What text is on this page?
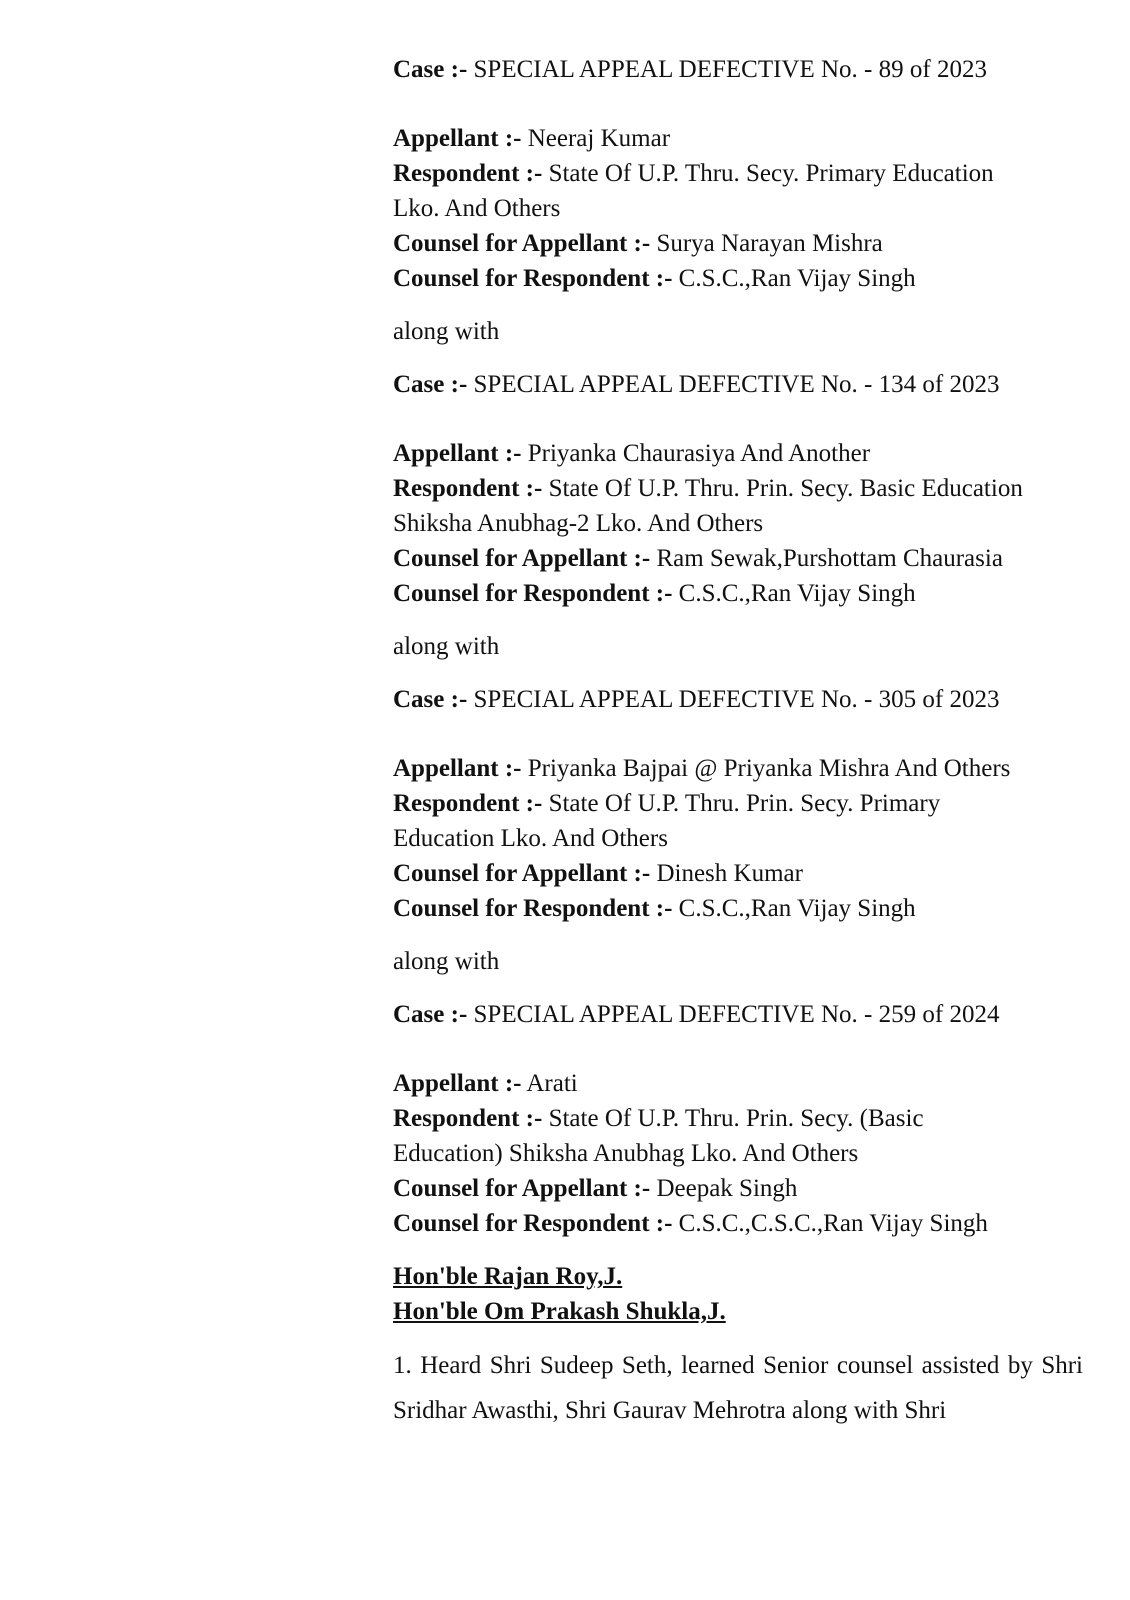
Case :- SPECIAL APPEAL DEFECTIVE No. - 89 of 2023
Appellant :- Neeraj Kumar
Respondent :- State Of U.P. Thru. Secy. Primary Education
Lko. And Others
Counsel for Appellant :- Surya Narayan Mishra
Counsel for Respondent :- C.S.C.,Ran Vijay Singh
along with
Case :- SPECIAL APPEAL DEFECTIVE No. - 134 of 2023
Appellant :- Priyanka Chaurasiya And Another
Respondent :- State Of U.P. Thru. Prin. Secy. Basic Education
Shiksha Anubhag-2 Lko. And Others
Counsel for Appellant :- Ram Sewak,Purshottam Chaurasia
Counsel for Respondent :- C.S.C.,Ran Vijay Singh
along with
Case :- SPECIAL APPEAL DEFECTIVE No. - 305 of 2023
Appellant :- Priyanka Bajpai @ Priyanka Mishra And Others
Respondent :- State Of U.P. Thru. Prin. Secy. Primary
Education Lko. And Others
Counsel for Appellant :- Dinesh Kumar
Counsel for Respondent :- C.S.C.,Ran Vijay Singh
along with
Case :- SPECIAL APPEAL DEFECTIVE No. - 259 of 2024
Appellant :- Arati
Respondent :- State Of U.P. Thru. Prin. Secy. (Basic
Education) Shiksha Anubhag Lko. And Others
Counsel for Appellant :- Deepak Singh
Counsel for Respondent :- C.S.C.,C.S.C.,Ran Vijay Singh
Hon'ble Rajan Roy,J.
Hon'ble Om Prakash Shukla,J.

1. Heard Shri Sudeep Seth, learned Senior counsel assisted by Shri Sridhar Awasthi, Shri Gaurav Mehrotra along with Shri
